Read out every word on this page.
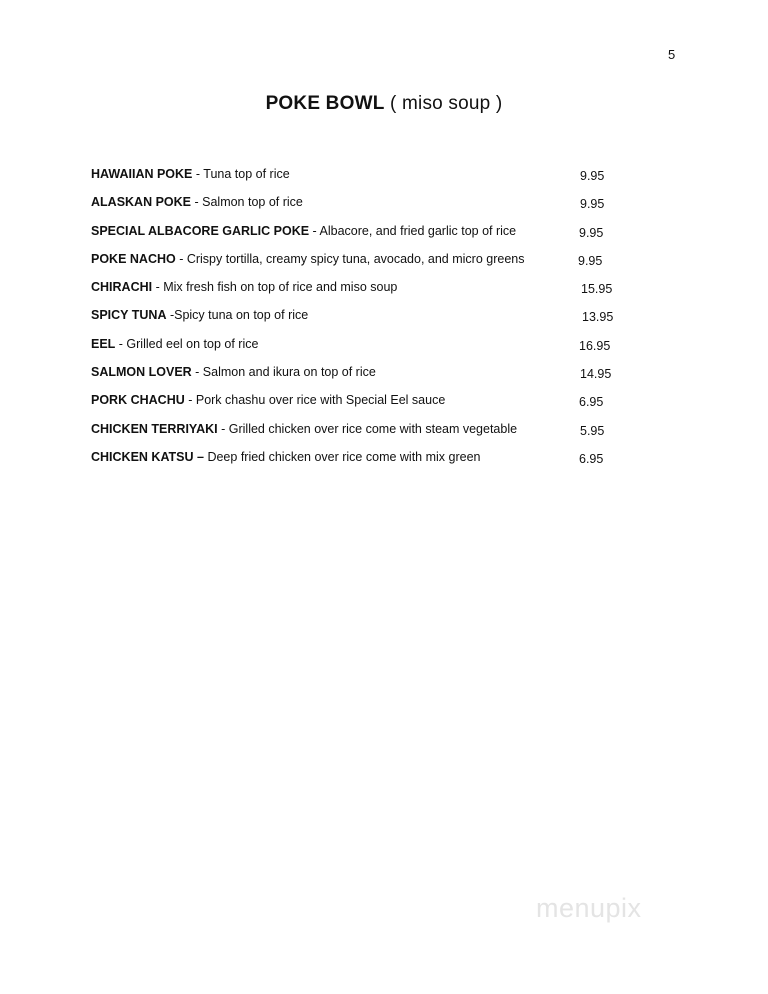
5
POKE BOWL ( miso soup )
HAWAIIAN POKE - Tuna top of rice	9.95
ALASKAN POKE - Salmon top of rice	9.95
SPECIAL ALBACORE GARLIC POKE - Albacore, and fried garlic top of rice	9.95
POKE NACHO - Crispy tortilla, creamy spicy tuna, avocado, and micro greens	9.95
CHIRACHI - Mix fresh fish on top of rice and miso soup	15.95
SPICY TUNA -Spicy tuna on top of rice	13.95
EEL - Grilled eel on top of rice	16.95
SALMON LOVER - Salmon and ikura on top of rice	14.95
PORK CHACHU - Pork chashu over rice with Special Eel sauce	6.95
CHICKEN TERRIYAKI - Grilled chicken over rice come with steam vegetable	5.95
CHICKEN KATSU – Deep fried chicken over rice come with mix green	6.95
menupix
